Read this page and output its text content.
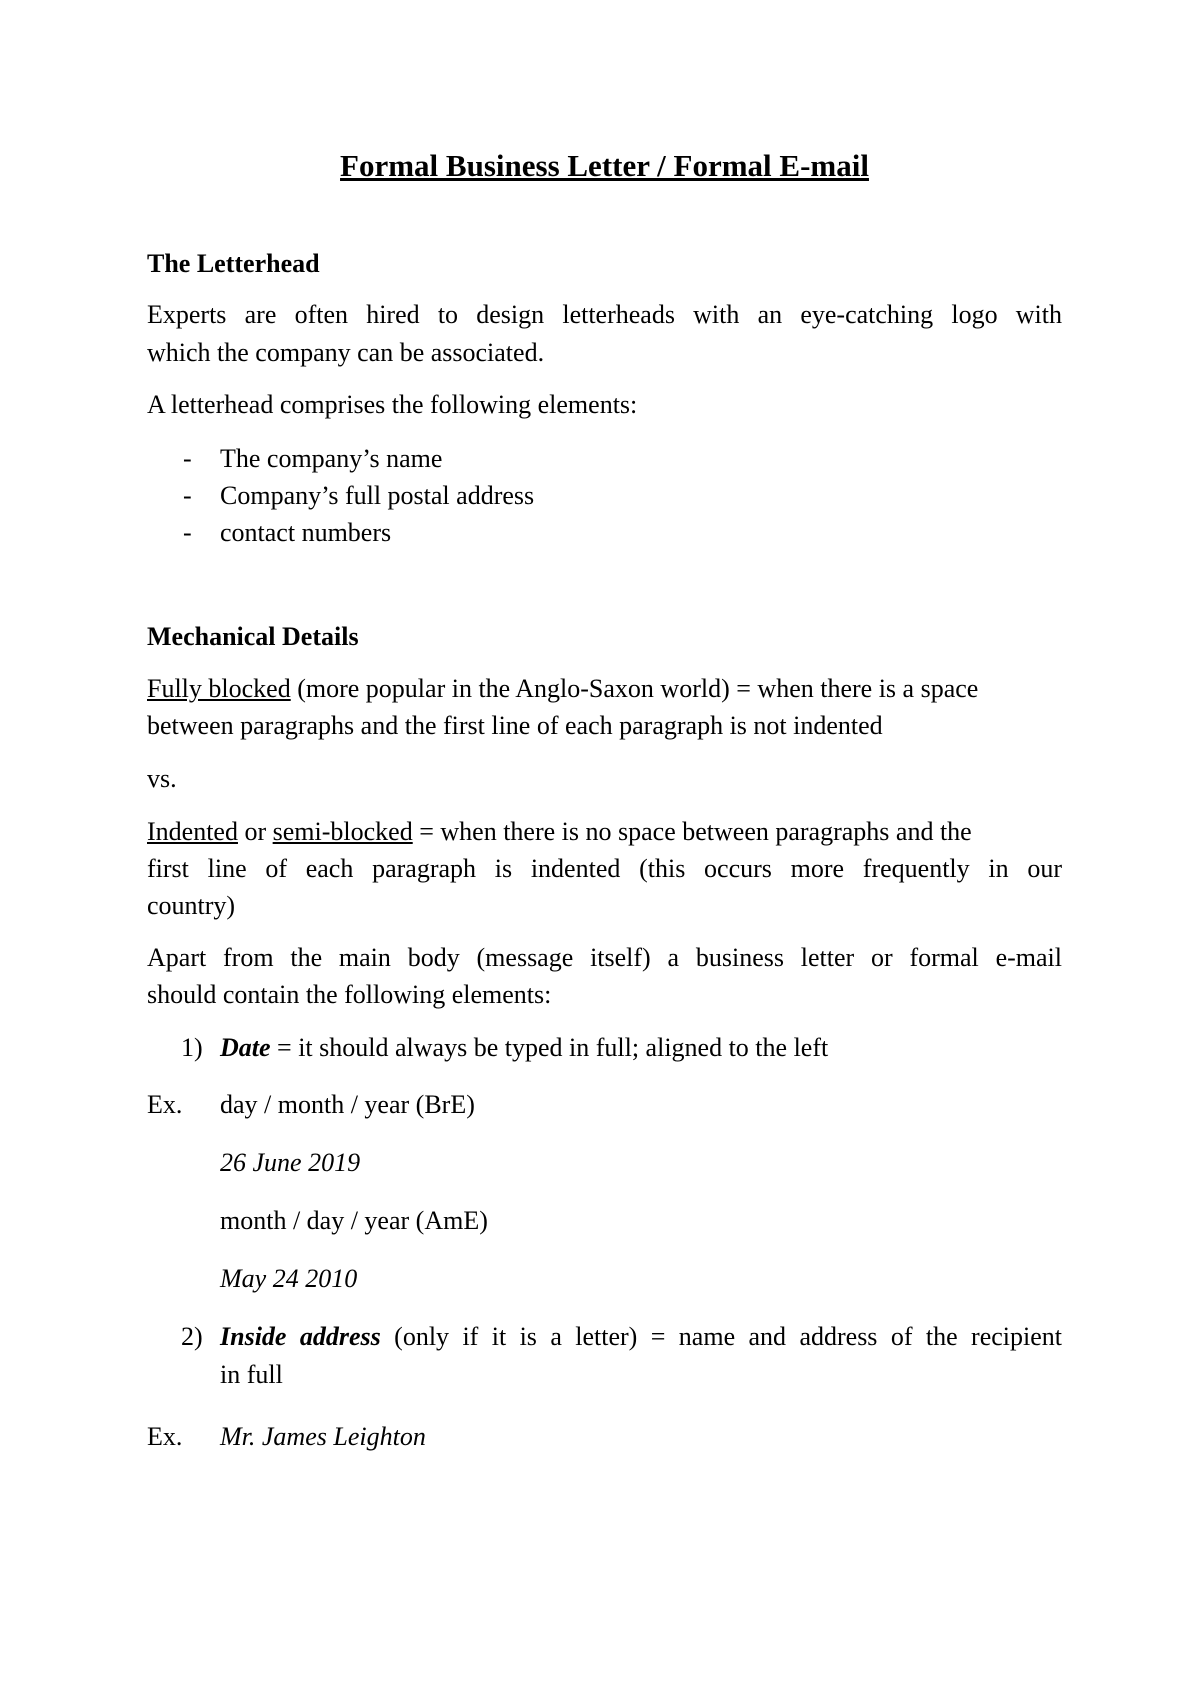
Formal Business Letter / Formal E-mail
The Letterhead
Experts are often hired to design letterheads with an eye-catching logo with
which the company can be associated.
A letterhead comprises the following elements:
- The company’s name
- Company’s full postal address
- contact numbers
Mechanical Details
Fully blocked (more popular in the Anglo-Saxon world) = when there is a space
between paragraphs and the first line of each paragraph is not indented
vs.
Indented or semi-blocked = when there is no space between paragraphs and the
first line of each paragraph is indented (this occurs more frequently in our
country)
Apart from the main body (message itself) a business letter or formal e-mail
should contain the following elements:
1) Date = it should always be typed in full; aligned to the left
Ex. day / month / year (BrE)
26 June 2019
month / day / year (AmE)
May 24 2010
2) Inside address (only if it is a letter) = name and address of the recipient
in full
Ex. Mr. James Leighton
